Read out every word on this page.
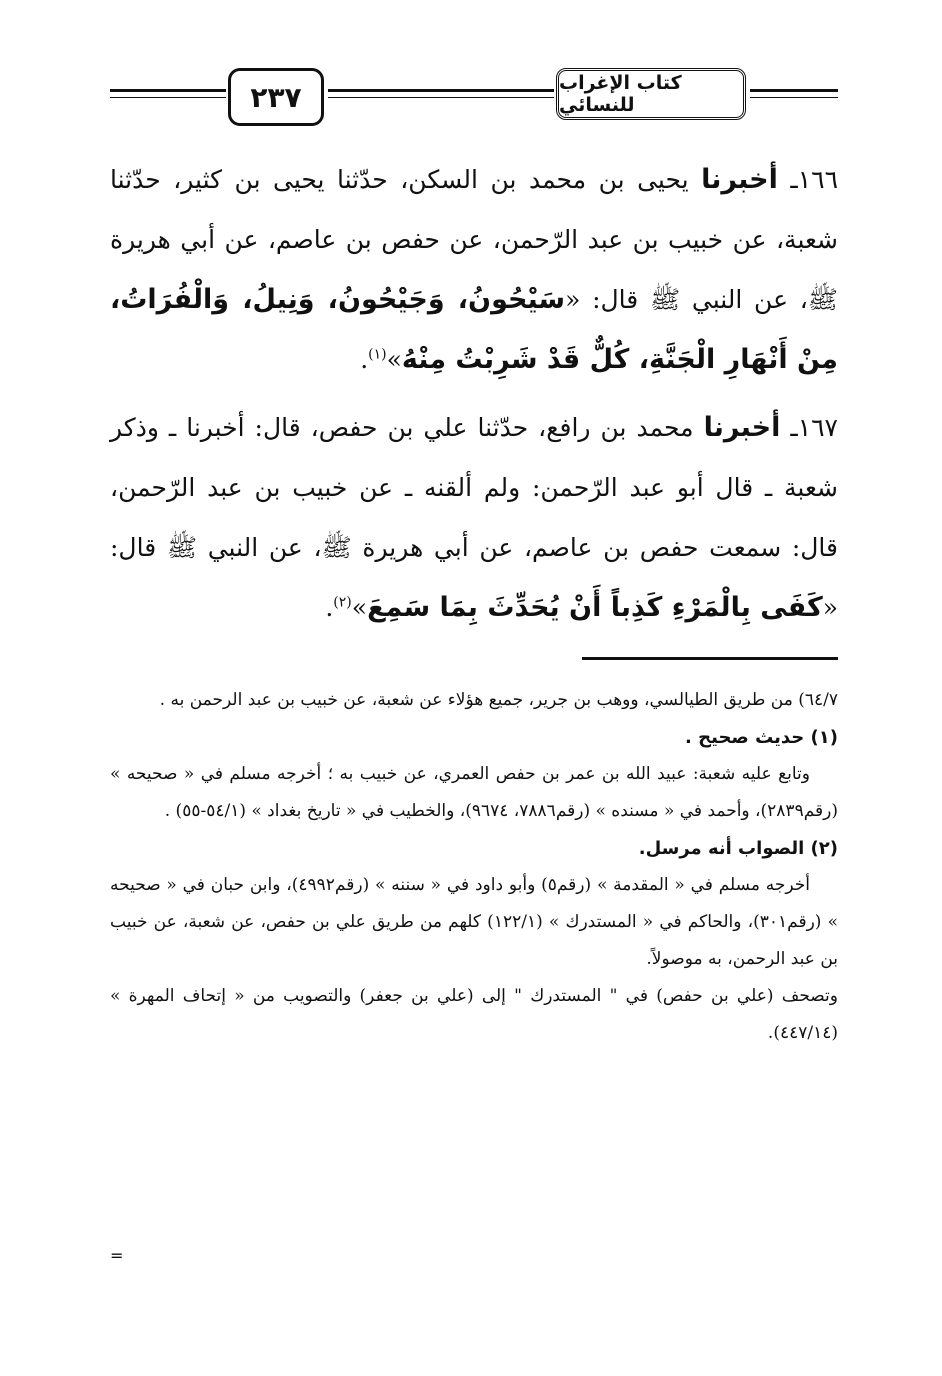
كتاب الإغراب للنسائي
٢٣٧

١٦٦ـ أخبرنا يحيى بن محمد بن السكن، حدّثنا يحيى بن كثير، حدّثنا شعبة، عن خبيب بن عبد الرّحمن، عن حفص بن عاصم، عن أبي هريرة ﷺ، عن النبي ﷺ قال: «سَيْحُونُ، وَجَيْحُونُ، وَنِيلُ، وَالْفُرَاتُ، مِنْ أَنْهَارِ الْجَنَّةِ، كُلٌّ قَدْ شَرِبْتُ مِنْهُ»$^{(١)}$.

١٦٧ـ أخبرنا محمد بن رافع، حدّثنا علي بن حفص، قال: أخبرنا ـ وذكر شعبة ـ قال أبو عبد الرّحمن: ولم ألقنه ـ عن خبيب بن عبد الرّحمن، قال: سمعت حفص بن عاصم، عن أبي هريرة ﷺ، عن النبي ﷺ قال: «كَفَى بِالْمَرْءِ كَذِباً أَنْ يُحَدِّثَ بِمَا سَمِعَ»$^{(٢)}$.

٦٤/٧) من طريق الطيالسي، ووهب بن جرير، جميع هؤلاء عن شعبة، عن خبيب بن عبد الرحمن به .

(١) حديث صحيح .

وتابع عليه شعبة: عبيد الله بن عمر بن حفص العمري، عن خبيب به ؛ أخرجه مسلم في « صحيحه » (رقم٢٨٣٩)، وأحمد في « مسنده » (رقم٧٨٨٦، ٩٦٧٤)، والخطيب في « تاريخ بغداد » (٥٤/١-٥٥) .

(٢) الصواب أنه مرسل.

أخرجه مسلم في « المقدمة » (رقم٥) وأبو داود في « سننه » (رقم٤٩٩٢)، وابن حبان في « صحيحه » (رقم٣٠١)، والحاكم في « المستدرك » (١٢٢/١) كلهم من طريق علي بن حفص، عن شعبة، عن خبيب بن عبد الرحمن، به موصولاً.

وتصحف (علي بن حفص) في " المستدرك " إلى (علي بن جعفر) والتصويب من « إتحاف المهرة » (٤٤٧/١٤).

=
